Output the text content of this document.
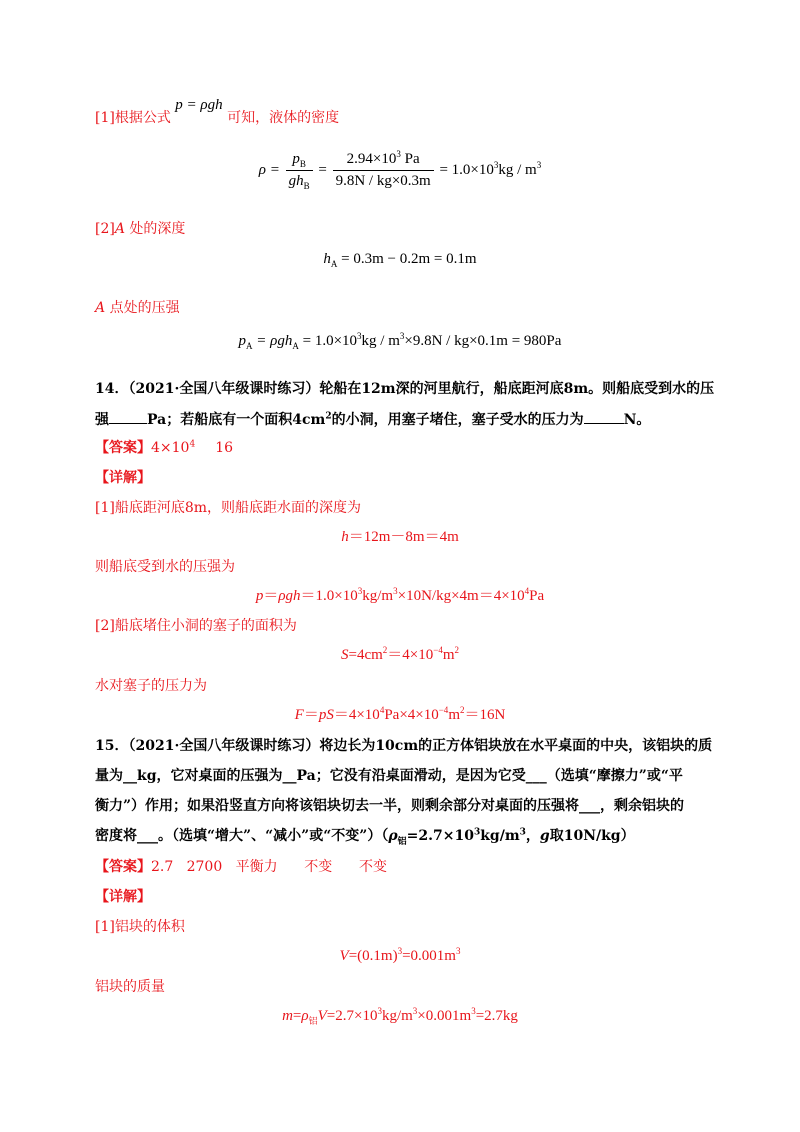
[1]根据公式 p = ρgh 可知，液体的密度
$\rho = \frac{p_B}{gh_B} = \frac{2.94\times 10^3 Pa}{9.8N / kg\times 0.3m} = 1.0\times 10^3kg / m^3$
[2]A 处的深度
$h_A = 0.3m - 0.2m = 0.1m$
A 点处的压强
$p_A = \rho gh_A = 1.0\times 10^3kg / m^3\times 9.8N / kg\times 0.1m = 980Pa$
14．（2021·全国八年级课时练习）轮船在12m深的河里航行，船底距河底8m。则船底受到水的压
强	Pa；若船底有一个面积$4cm^2$的小洞，用塞子堵住，塞子受水的压力为	N。
【答案】$4\times 10^4$ 16
【详解】
[1]船底距河底8m，则船底距水面的深度为
h＝12m－8m＝4m
则船底受到水的压强为
$p=\rho gh=1.0\times 10^3kg/m^3\times 10N/kg\times 4m=4\times 10^4Pa$
[2]船底堵住小洞的塞子的面积为
$S=4cm^2=4\times 10^{-4}m^2$
水对塞子的压力为
$F=pS=4\times 10^4Pa\times 4\times 10^{-4}m^2=16N$
15．（2021·全国八年级课时练习）将边长为10cm的正方体铝块放在水平桌面的中央，该铝块的质
量为__kg，它对桌面的压强为__Pa；它没有沿桌面滑动，是因为它受___（选填“摩擦力”或“平
衡力”）作用；如果沿竖直方向将该铝块切去一半，则剩余部分对桌面的压强将___，剩余铝块的
密度将___。（选填“增大”、“减小”或“不变$”)(\rho_铝=2.7\times 10^3kg/m^3$，g取10N/kg）
【答案】2.7   2700   平衡力      不变      不变
【详解】
[1]铝块的体积
$V=(0.1m)^3=0.001m^3$
铝块的质量
$m=\rho_铝V=2.7\times 10^3kg/m^3\times 0.001m^3=2.7kg$
